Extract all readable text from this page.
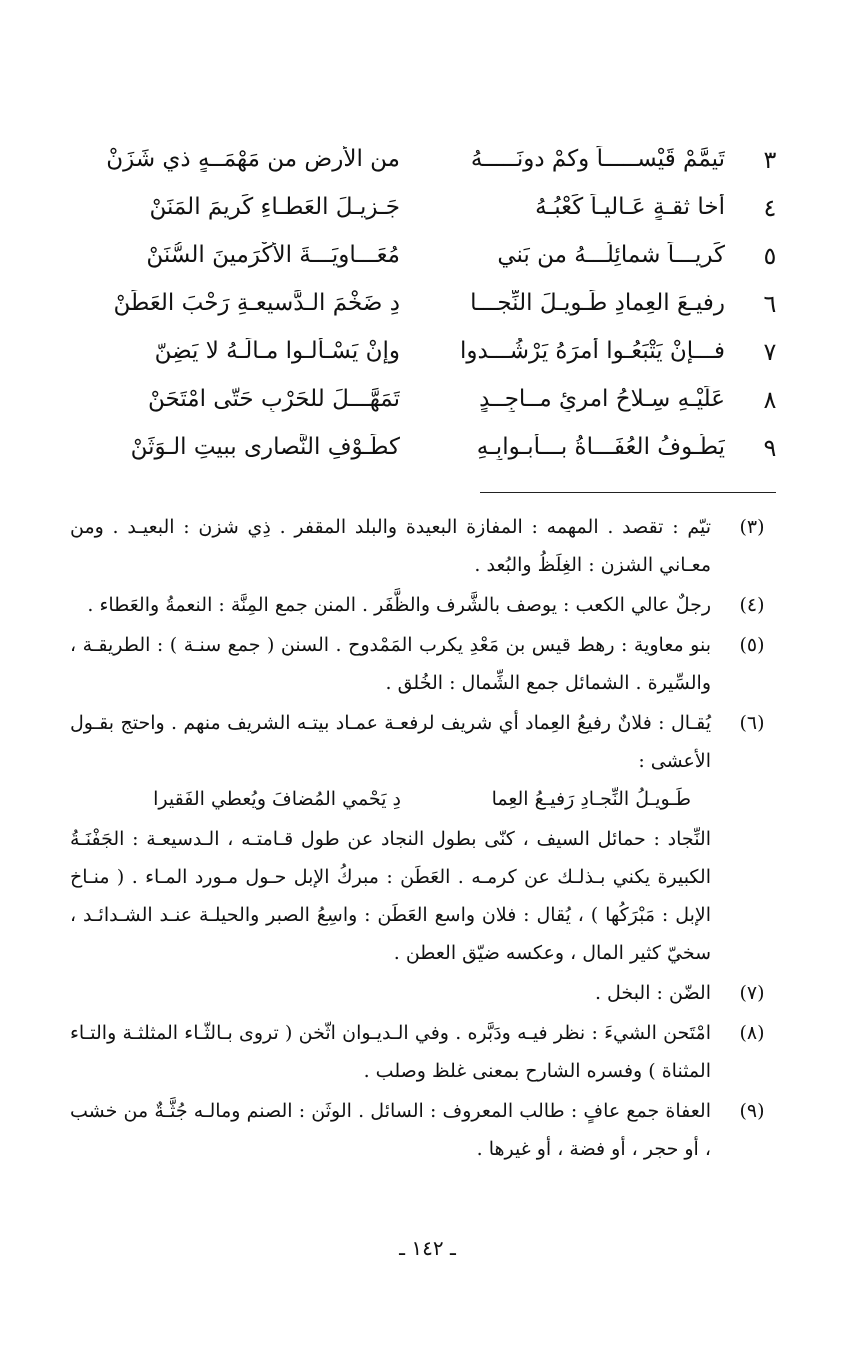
٣
تَيمَّمْ قَيْســـــاً وكمْ دونَـــــهُ
من الأرضِ من مَهْمَــهٍ ذي شَزَنْ
٤
أخا ثقـةٍ عَـاليـاً كَعْبُـهُ
جَـزيـلَ العَطـاءِ كَريمَ المَنَنْ
٥
كَريـــاً شمائِلُـــهُ من بَني
مُعَـــاويَـــةَ الأكْرَمينَ السُّنَنْ
٦
رفيـعَ العِمادِ طَـويـلَ النِّجـــا
دِ ضَخْمَ الـدَّسيعـةِ رَحْبَ العَطَنْ
٧
فـــإنْ يَتْبَعُـوا أمرَهُ يَرْشُـــدوا
وإنْ يَسْـأَلـوا مـالَـهُ لا يَضِنّ
٨
عَلَيْـهِ سِـلاحُ امرئٍ مــاجِــدٍ
تَمَهَّـــلَ للحَرْبِ حَتّى امْتَحَنْ
٩
يَطُـوفُ العُفَـــاةُ بـــأبـوابِـهِ
كطَـوْفِ النَّصارى ببيتِ الـوَثَنْ
(٣)
تيّم : تقصد . المهمه : المفازة البعيدة والبلد المقفر . ذِي شزن : البعيـد . ومن معـاني الشزن : الغِلَظُ والبُعد .
(٤)
رجلٌ عالي الكعب : يوصف بالشَّرف والظَّفَر . المنن جمع المِنَّة : النعمةُ والعَطاء .
(٥)
بنو معاوية : رهط قيس بن مَعْدِ يكرب المَمْدوح . السنن ( جمع سنـة ) : الطريقـة ، والسِّيرة . الشمائل جمع الشِّمال : الخُلق .
(٦)
يُقـال : فلانٌ رفيعُ العِماد أي شريف لرفعـة عمـاد بيتـه الشريف منهم . واحتج بقـول الأعشى :
طَـويـلُ النِّجـادِ رَفيـعُ العِما
دِ يَحْمي المُضافَ ويُعطي الفَقيرا
النِّجاد : حمائل السيف ، كنّى بطول النجاد عن طول قـامتـه ، الـدسيعـة : الجَفْنَـةُ الكبيرة يكني بـذلـك عن كرمـه . العَطَن : مبركُ الإبل حـول مـورد المـاء . ( منـاخ الإبل : مَبْرَكُها ) ، يُقال : فلان واسع العَطَن : واسِعُ الصبر والحيلـة عنـد الشـدائـد ، سخيّ كثير المال ، وعكسه ضيّق العطن .
(٧)
الضّن : البخل .
(٨)
امْتَحن الشيءَ : نظر فيـه ودَبَّره . وفي الـديـوان اثّخن ( تروى بـالثّـاء المثلثـة والتـاء المثناة ) وفسره الشارح بمعنى غلظ وصلب .
(٩)
العفاة جمع عافٍ : طالب المعروف : السائل . الوثَن : الصنم ومالـه جُثَّـةٌ من خشب ، أو حجر ، أو فضة ، أو غيرها .
ـ ١٤٢ ـ
